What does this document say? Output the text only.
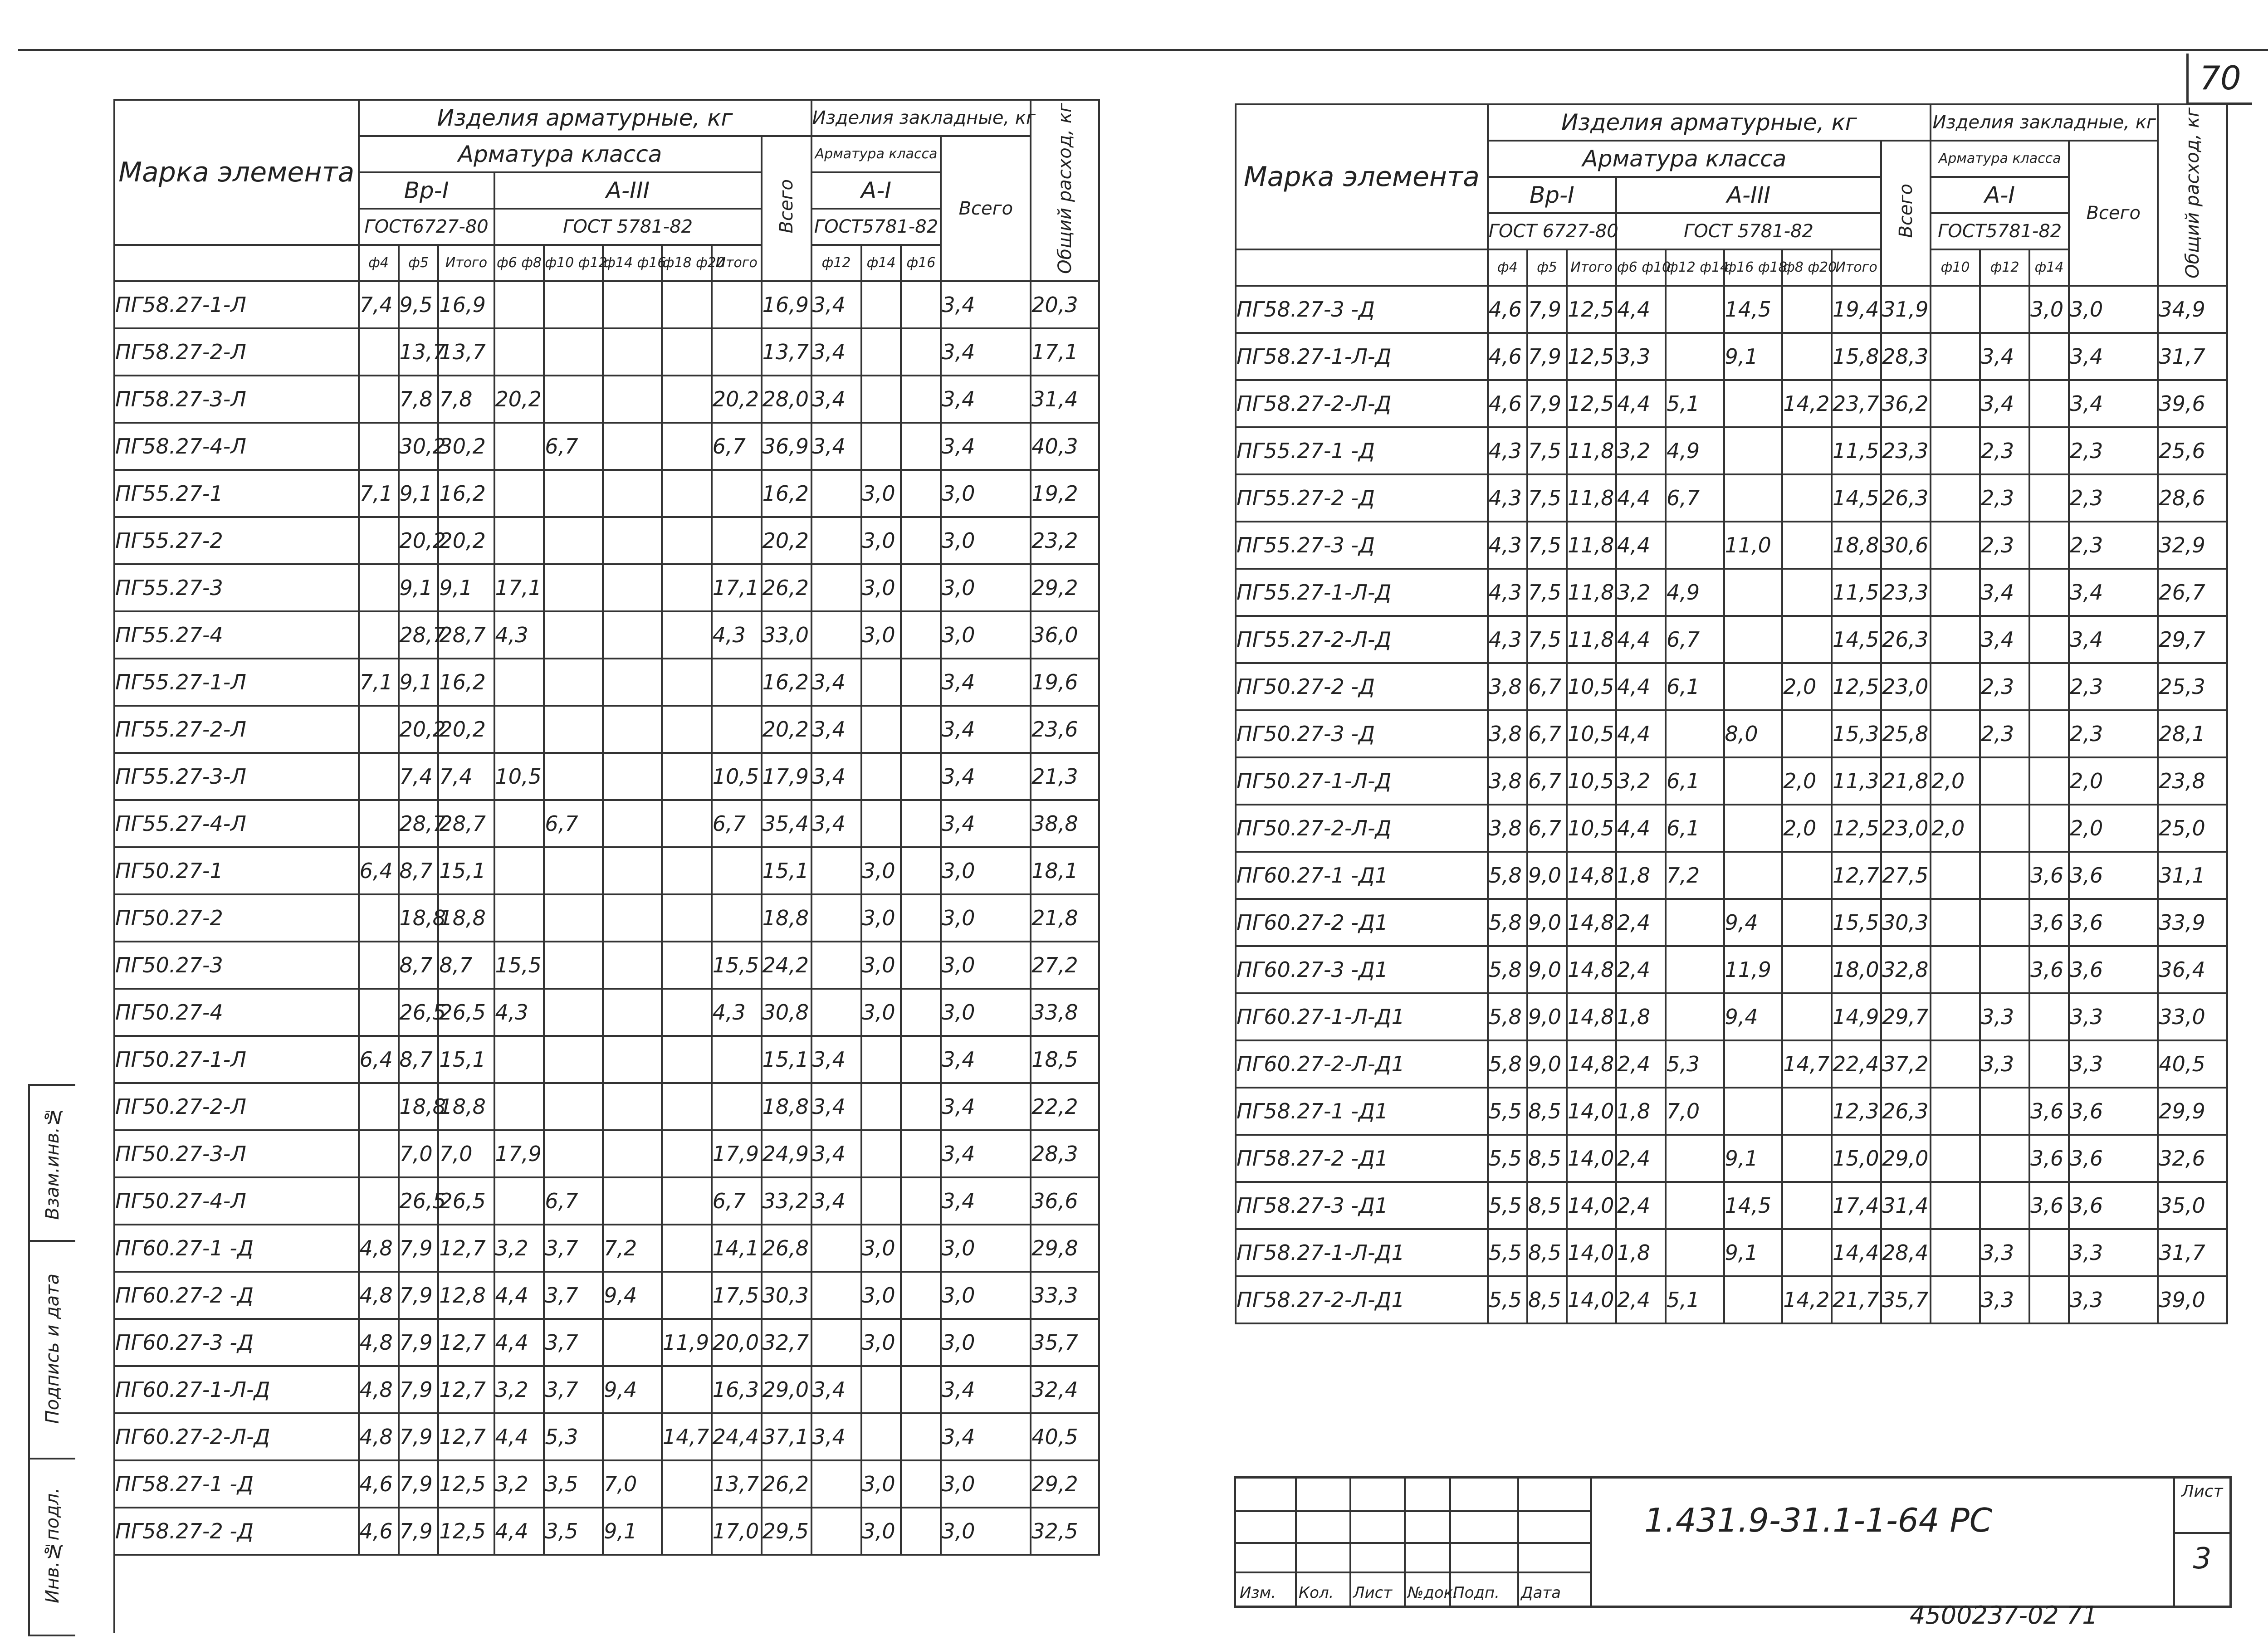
70
Марка элемента	Изделия арматурные, кг									Изделия закладные, кг				Общий расход, кг
	Арматура класса								Всего	Арматура класса			Всего	
	Вр-I			А-III						А-I				
	ГОСТ6727-80			ГОСТ 5781-82						ГОСТ5781-82				
	ф4	ф5	Итого	ф6 ф8	ф10 ф12	ф14 ф16	ф18 ф20	Итого		ф12	ф14	ф16		
ПГ58.27-1-Л	7,4	9,5	16,9						16,9	3,4			3,4	20,3
ПГ58.27-2-Л		13,7	13,7						13,7	3,4			3,4	17,1
ПГ58.27-3-Л		7,8	7,8	20,2				20,2	28,0	3,4			3,4	31,4
ПГ58.27-4-Л		30,2	30,2		6,7			6,7	36,9	3,4			3,4	40,3
ПГ55.27-1	7,1	9,1	16,2						16,2		3,0		3,0	19,2
ПГ55.27-2		20,2	20,2						20,2		3,0		3,0	23,2
ПГ55.27-3		9,1	9,1	17,1				17,1	26,2		3,0		3,0	29,2
ПГ55.27-4		28,7	28,7	4,3				4,3	33,0		3,0		3,0	36,0
ПГ55.27-1-Л	7,1	9,1	16,2						16,2	3,4			3,4	19,6
ПГ55.27-2-Л		20,2	20,2						20,2	3,4			3,4	23,6
ПГ55.27-3-Л		7,4	7,4	10,5				10,5	17,9	3,4			3,4	21,3
ПГ55.27-4-Л		28,7	28,7		6,7			6,7	35,4	3,4			3,4	38,8
ПГ50.27-1	6,4	8,7	15,1						15,1		3,0		3,0	18,1
ПГ50.27-2		18,8	18,8						18,8		3,0		3,0	21,8
ПГ50.27-3		8,7	8,7	15,5				15,5	24,2		3,0		3,0	27,2
ПГ50.27-4		26,5	26,5	4,3				4,3	30,8		3,0		3,0	33,8
ПГ50.27-1-Л	6,4	8,7	15,1						15,1	3,4			3,4	18,5
ПГ50.27-2-Л		18,8	18,8						18,8	3,4			3,4	22,2
ПГ50.27-3-Л		7,0	7,0	17,9				17,9	24,9	3,4			3,4	28,3
ПГ50.27-4-Л		26,5	26,5		6,7			6,7	33,2	3,4			3,4	36,6
ПГ60.27-1 -Д	4,8	7,9	12,7	3,2	3,7	7,2		14,1	26,8		3,0		3,0	29,8
ПГ60.27-2 -Д	4,8	7,9	12,8	4,4	3,7	9,4		17,5	30,3		3,0		3,0	33,3
ПГ60.27-3 -Д	4,8	7,9	12,7	4,4	3,7		11,9	20,0	32,7		3,0		3,0	35,7
ПГ60.27-1-Л-Д	4,8	7,9	12,7	3,2	3,7	9,4		16,3	29,0	3,4			3,4	32,4
ПГ60.27-2-Л-Д	4,8	7,9	12,7	4,4	5,3		14,7	24,4	37,1	3,4			3,4	40,5
ПГ58.27-1 -Д	4,6	7,9	12,5	3,2	3,5	7,0		13,7	26,2		3,0		3,0	29,2
ПГ58.27-2 -Д	4,6	7,9	12,5	4,4	3,5	9,1		17,0	29,5		3,0		3,0	32,5
Марка элемента	Изделия арматурные, кг									Изделия закладные, кг				Общий расход, кг
	Арматура класса								Всего	Арматура класса			Всего	
	Вр-I			А-III						А-I				
	ГОСТ 6727-80			ГОСТ 5781-82						ГОСТ5781-82				
	ф4	ф5	Итого	ф6 ф10	ф12 ф14	ф16 ф18	ф8 ф20	Итого		ф10	ф12	ф14		
ПГ58.27-3 -Д	4,6	7,9	12,5	4,4		14,5		19,4	31,9			3,0	3,0	34,9
ПГ58.27-1-Л-Д	4,6	7,9	12,5	3,3		9,1		15,8	28,3		3,4		3,4	31,7
ПГ58.27-2-Л-Д	4,6	7,9	12,5	4,4	5,1		14,2	23,7	36,2		3,4		3,4	39,6
ПГ55.27-1 -Д	4,3	7,5	11,8	3,2	4,9			11,5	23,3		2,3		2,3	25,6
ПГ55.27-2 -Д	4,3	7,5	11,8	4,4	6,7			14,5	26,3		2,3		2,3	28,6
ПГ55.27-3 -Д	4,3	7,5	11,8	4,4		11,0		18,8	30,6		2,3		2,3	32,9
ПГ55.27-1-Л-Д	4,3	7,5	11,8	3,2	4,9			11,5	23,3		3,4		3,4	26,7
ПГ55.27-2-Л-Д	4,3	7,5	11,8	4,4	6,7			14,5	26,3		3,4		3,4	29,7
ПГ50.27-2 -Д	3,8	6,7	10,5	4,4	6,1		2,0	12,5	23,0		2,3		2,3	25,3
ПГ50.27-3 -Д	3,8	6,7	10,5	4,4		8,0		15,3	25,8		2,3		2,3	28,1
ПГ50.27-1-Л-Д	3,8	6,7	10,5	3,2	6,1		2,0	11,3	21,8	2,0			2,0	23,8
ПГ50.27-2-Л-Д	3,8	6,7	10,5	4,4	6,1		2,0	12,5	23,0	2,0			2,0	25,0
ПГ60.27-1 -Д1	5,8	9,0	14,8	1,8	7,2			12,7	27,5			3,6	3,6	31,1
ПГ60.27-2 -Д1	5,8	9,0	14,8	2,4		9,4		15,5	30,3			3,6	3,6	33,9
ПГ60.27-3 -Д1	5,8	9,0	14,8	2,4		11,9		18,0	32,8			3,6	3,6	36,4
ПГ60.27-1-Л-Д1	5,8	9,0	14,8	1,8		9,4		14,9	29,7		3,3		3,3	33,0
ПГ60.27-2-Л-Д1	5,8	9,0	14,8	2,4	5,3		14,7	22,4	37,2		3,3		3,3	40,5
ПГ58.27-1 -Д1	5,5	8,5	14,0	1,8	7,0			12,3	26,3			3,6	3,6	29,9
ПГ58.27-2 -Д1	5,5	8,5	14,0	2,4		9,1		15,0	29,0			3,6	3,6	32,6
ПГ58.27-3 -Д1	5,5	8,5	14,0	2,4		14,5		17,4	31,4			3,6	3,6	35,0
ПГ58.27-1-Л-Д1	5,5	8,5	14,0	1,8		9,1		14,4	28,4		3,3		3,3	31,7
ПГ58.27-2-Л-Д1	5,5	8,5	14,0	2,4	5,1		14,2	21,7	35,7		3,3		3,3	39,0
Взам.инв.№
Подпись и дата
Инв.№подл.	Изм. Кол. Лист №док.
Подп. Дата
1.431.9-31.1-1-64 РС
Лист
3
4500237-02 71
